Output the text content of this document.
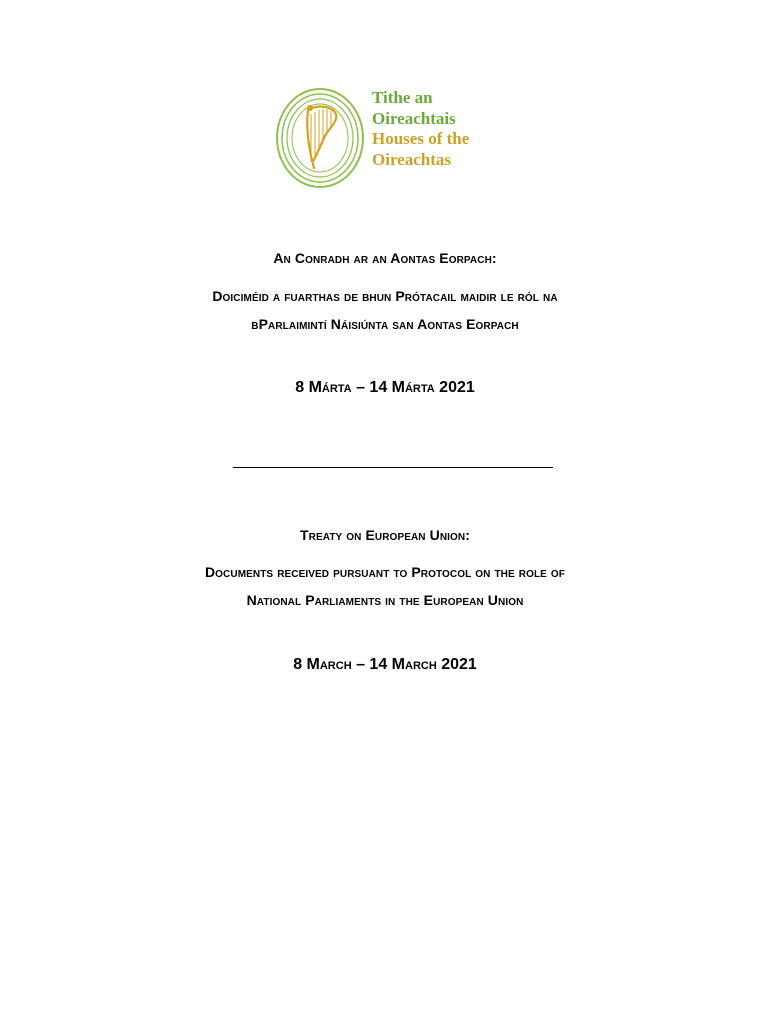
Tithe an
Oireachtais
Houses of the
Oireachtas
An Conradh ar an Aontas Eorpach:
Doiciméid a fuarthas de bhun Prótacail maidir le ról na
bParlaimintí Náisiúnta san Aontas Eorpach
8 Márta – 14 Márta 2021
Treaty on European Union:
Documents received pursuant to Protocol on the role of
National Parliaments in the European Union
8 March – 14 March 2021
